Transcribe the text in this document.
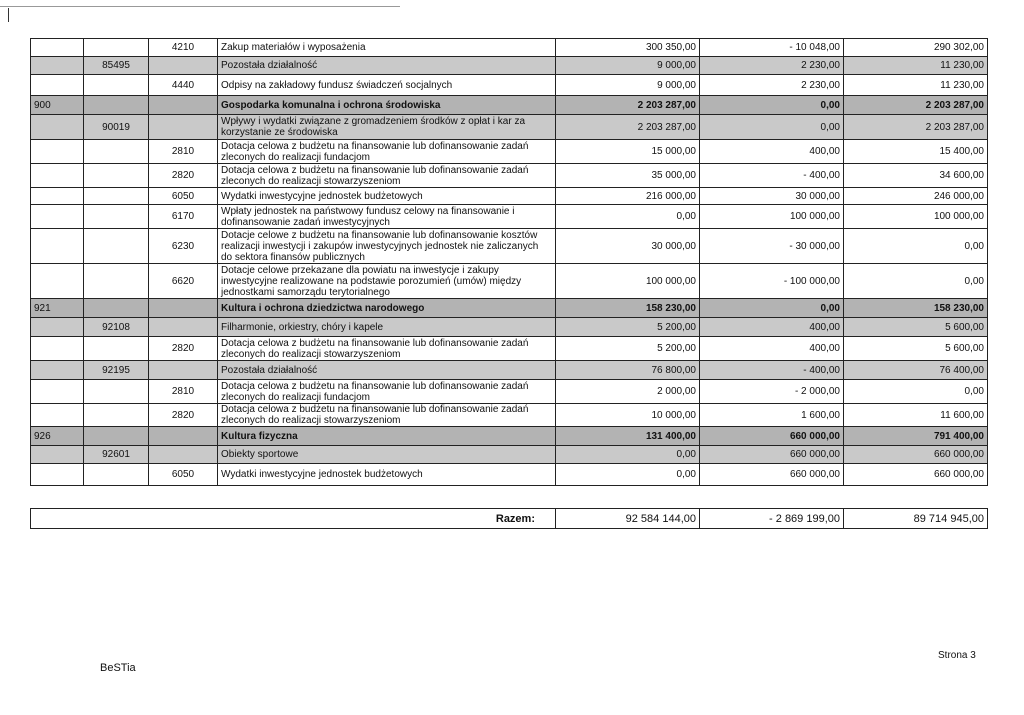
		4210	Zakup materiałów i wyposażenia	300 350,00	- 10 048,00	290 302,00
	85495		Pozostała działalność	9 000,00	2 230,00	11 230,00
		4440	Odpisy na zakładowy fundusz świadczeń socjalnych	9 000,00	2 230,00	11 230,00
900			Gospodarka komunalna i ochrona środowiska	2 203 287,00	0,00	2 203 287,00
	90019		Wpływy i wydatki związane z gromadzeniem środków z opłat i kar za korzystanie ze środowiska	2 203 287,00	0,00	2 203 287,00
		2810	Dotacja celowa z budżetu na finansowanie lub dofinansowanie zadań zleconych do realizacji fundacjom	15 000,00	400,00	15 400,00
		2820	Dotacja celowa z budżetu na finansowanie lub dofinansowanie zadań zleconych do realizacji stowarzyszeniom	35 000,00	- 400,00	34 600,00
		6050	Wydatki inwestycyjne jednostek budżetowych	216 000,00	30 000,00	246 000,00
		6170	Wpłaty jednostek na państwowy fundusz celowy na finansowanie i dofinansowanie zadań inwestycyjnych	0,00	100 000,00	100 000,00
		6230	Dotacje celowe z budżetu na finansowanie lub dofinansowanie kosztów realizacji inwestycji i zakupów inwestycyjnych jednostek nie zaliczanych do sektora finansów publicznych	30 000,00	- 30 000,00	0,00
		6620	Dotacje celowe przekazane dla powiatu na inwestycje i zakupy inwestycyjne realizowane na podstawie porozumień (umów) między jednostkami samorządu terytorialnego	100 000,00	- 100 000,00	0,00
921			Kultura i ochrona dziedzictwa narodowego	158 230,00	0,00	158 230,00
	92108		Filharmonie, orkiestry, chóry i kapele	5 200,00	400,00	5 600,00
		2820	Dotacja celowa z budżetu na finansowanie lub dofinansowanie zadań zleconych do realizacji stowarzyszeniom	5 200,00	400,00	5 600,00
	92195		Pozostała działalność	76 800,00	- 400,00	76 400,00
		2810	Dotacja celowa z budżetu na finansowanie lub dofinansowanie zadań zleconych do realizacji fundacjom	2 000,00	- 2 000,00	0,00
		2820	Dotacja celowa z budżetu na finansowanie lub dofinansowanie zadań zleconych do realizacji stowarzyszeniom	10 000,00	1 600,00	11 600,00
926			Kultura fizyczna	131 400,00	660 000,00	791 400,00
	92601		Obiekty sportowe	0,00	660 000,00	660 000,00
		6050	Wydatki inwestycyjne jednostek budżetowych	0,00	660 000,00	660 000,00
Razem:	92 584 144,00	- 2 869 199,00	89 714 945,00
BeSTia
Strona 3
